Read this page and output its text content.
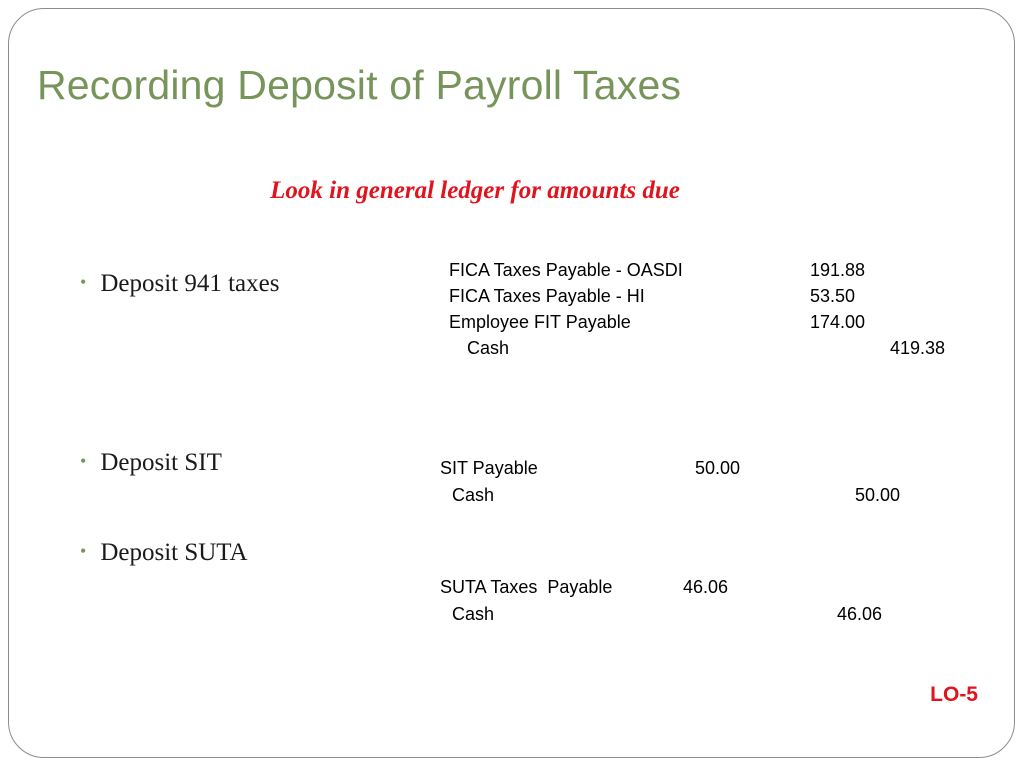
Recording Deposit of Payroll Taxes
Look in general ledger for amounts due
• Deposit 941 taxes
• Deposit SIT
• Deposit SUTA
FICA Taxes Payable - OASDI	191.88
FICA Taxes Payable - HI	53.50
Employee FIT Payable	174.00
Cash	419.38
SIT Payable	50.00
Cash	50.00
SUTA Taxes  Payable	46.06
Cash	46.06
LO-5
